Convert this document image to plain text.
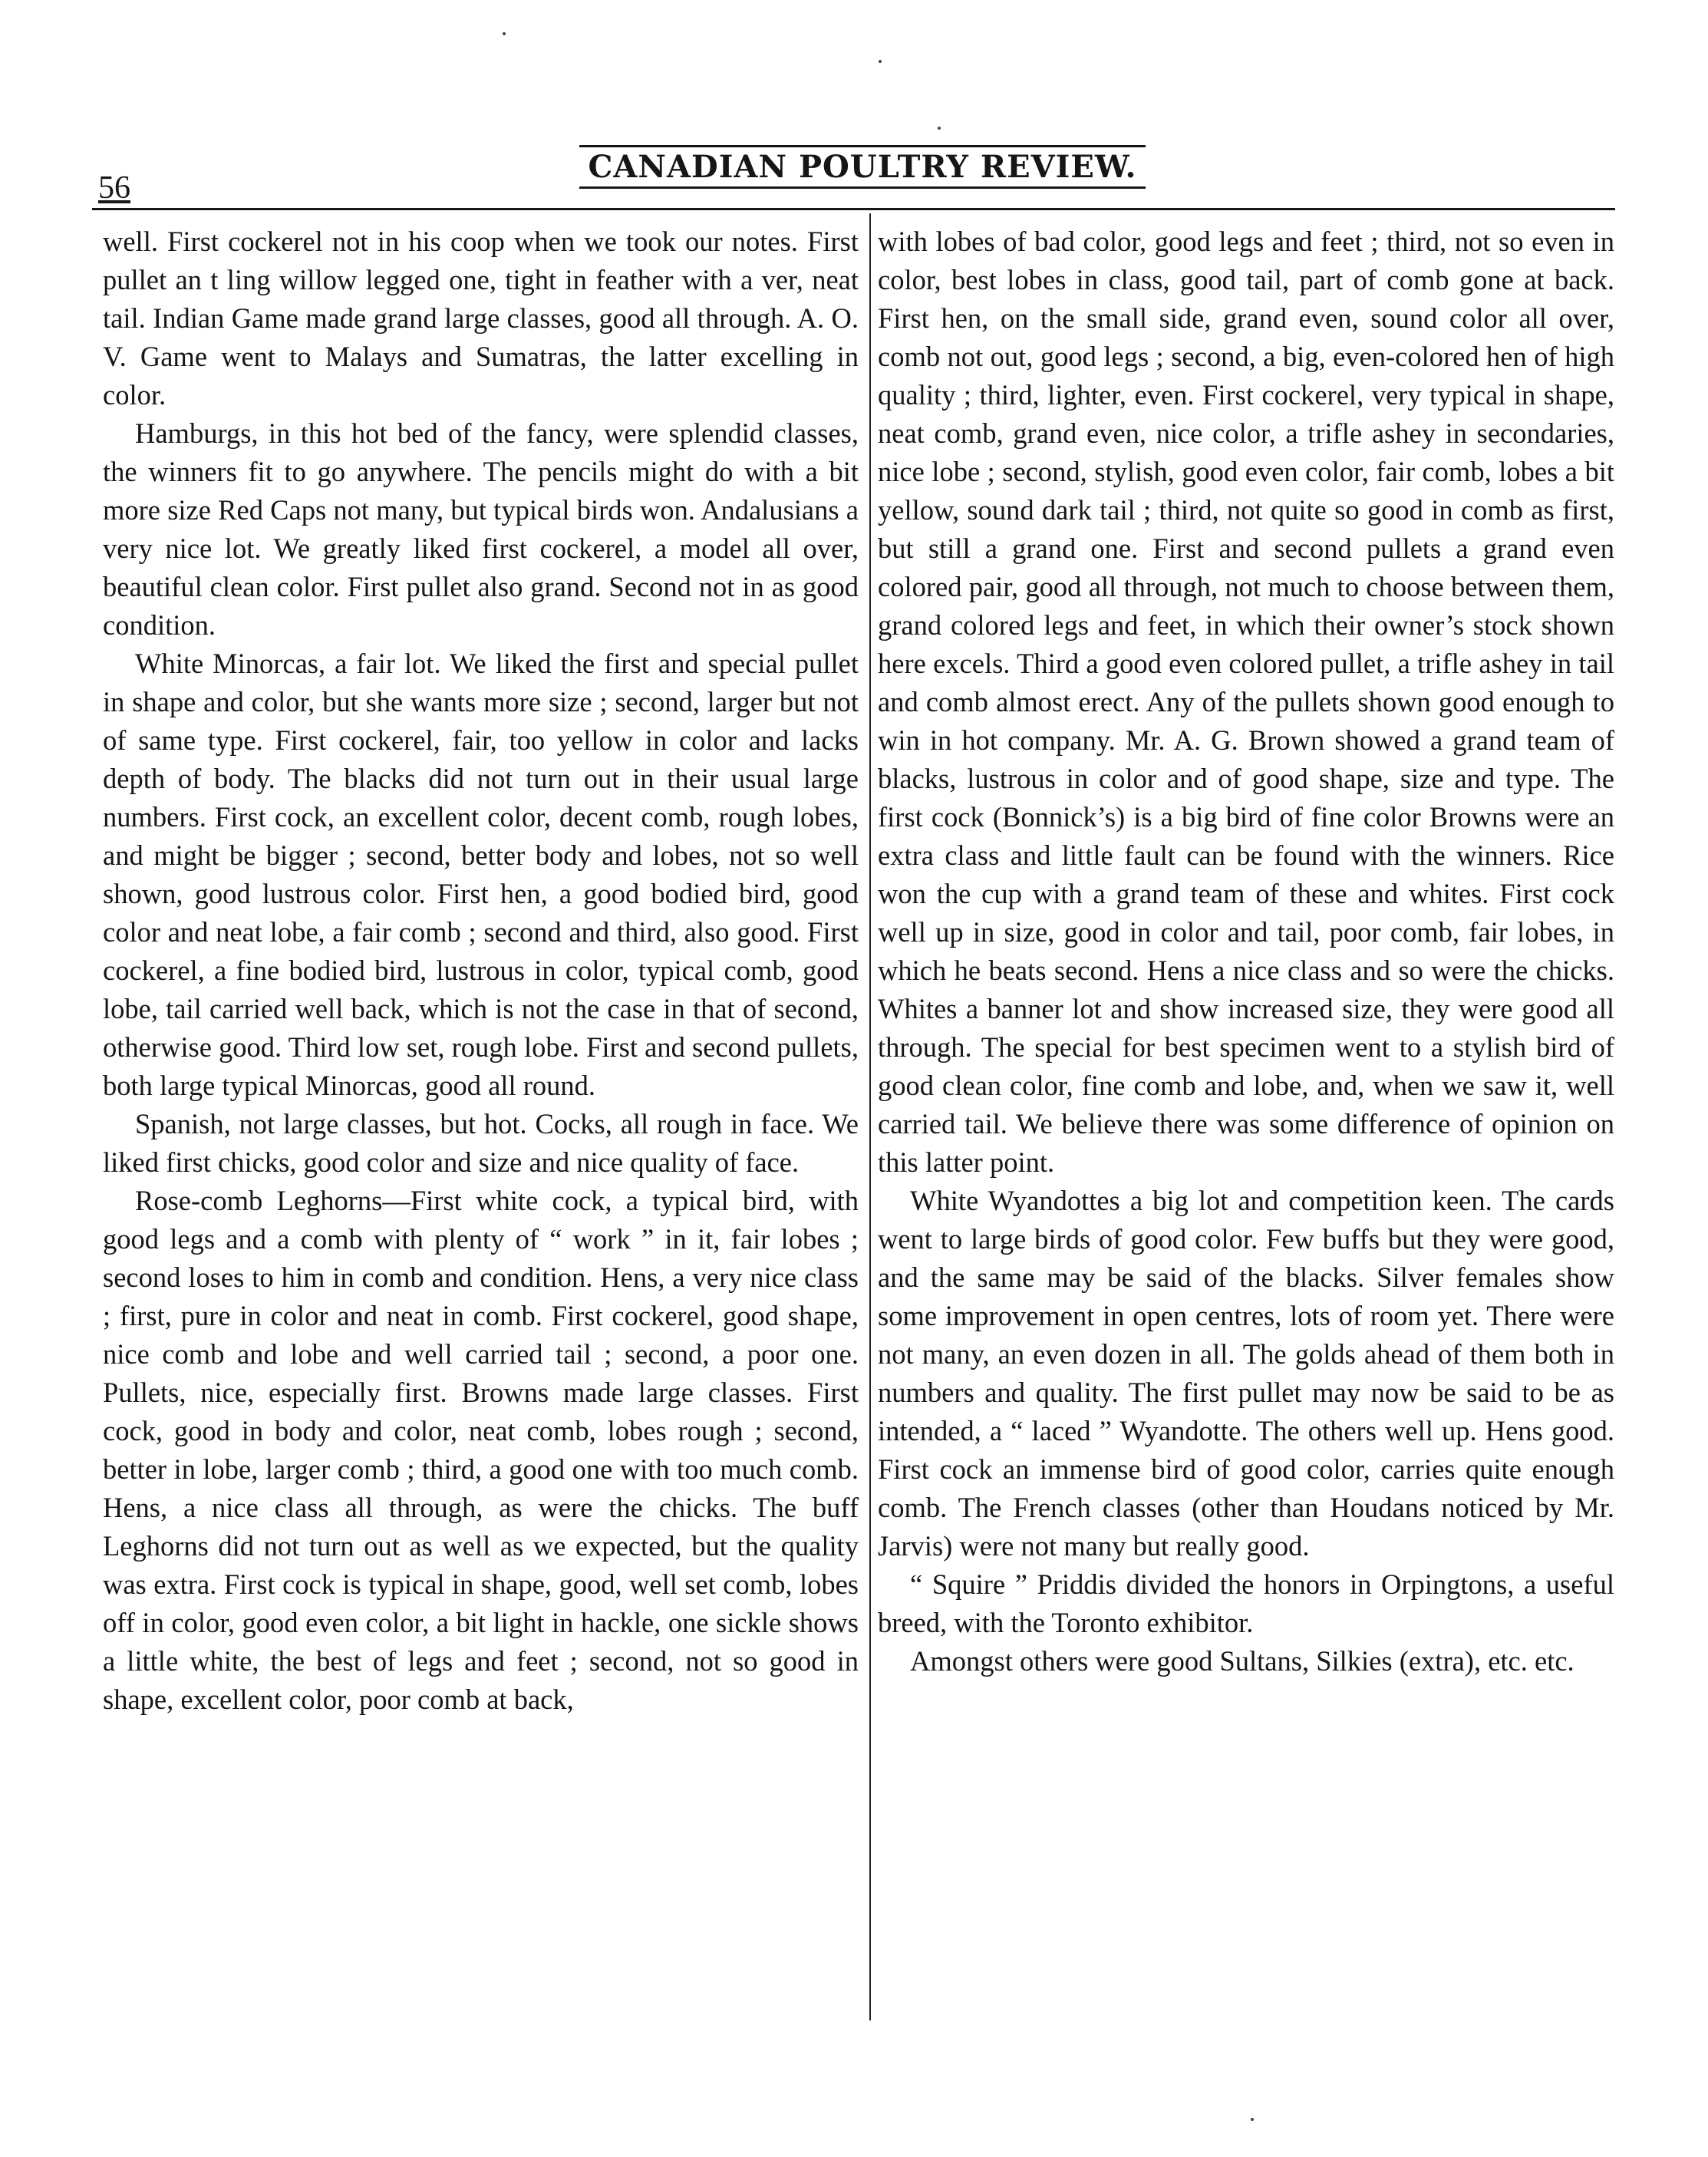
56
CANADIAN POULTRY REVIEW.

well. First cockerel not in his coop when we took our notes. First pullet an t ling willow legged one, tight in feather with a ver, neat tail. Indian Game made grand large classes, good all through. A. O. V. Game went to Malays and Sumatras, the latter excelling in color.

Hamburgs, in this hot bed of the fancy, were splendid classes, the winners fit to go anywhere. The pencils might do with a bit more size Red Caps not many, but typical birds won. Andalusians a very nice lot. We greatly liked first cockerel, a model all over, beautiful clean color. First pullet also grand. Second not in as good condition.

White Minorcas, a fair lot. We liked the first and special pullet in shape and color, but she wants more size ; second, larger but not of same type. First cockerel, fair, too yellow in color and lacks depth of body. The blacks did not turn out in their usual large numbers. First cock, an excellent color, decent comb, rough lobes, and might be bigger ; second, better body and lobes, not so well shown, good lustrous color. First hen, a good bodied bird, good color and neat lobe, a fair comb ; second and third, also good. First cockerel, a fine bodied bird, lustrous in color, typical comb, good lobe, tail carried well back, which is not the case in that of second, otherwise good. Third low set, rough lobe. First and second pullets, both large typical Minorcas, good all round.

Spanish, not large classes, but hot. Cocks, all rough in face. We liked first chicks, good color and size and nice quality of face.

Rose-comb Leghorns—First white cock, a typical bird, with good legs and a comb with plenty of “ work ” in it, fair lobes ; second loses to him in comb and condition. Hens, a very nice class ; first, pure in color and neat in comb. First cockerel, good shape, nice comb and lobe and well carried tail ; second, a poor one. Pullets, nice, especially first. Browns made large classes. First cock, good in body and color, neat comb, lobes rough ; second, better in lobe, larger comb ; third, a good one with too much comb. Hens, a nice class all through, as were the chicks. The buff Leghorns did not turn out as well as we expected, but the quality was extra. First cock is typical in shape, good, well set comb, lobes off in color, good even color, a bit light in hackle, one sickle shows a little white, the best of legs and feet ; second, not so good in shape, excellent color, poor comb at back,

with lobes of bad color, good legs and feet ; third, not so even in color, best lobes in class, good tail, part of comb gone at back. First hen, on the small side, grand even, sound color all over, comb not out, good legs ; second, a big, even-colored hen of high quality ; third, lighter, even. First cockerel, very typical in shape, neat comb, grand even, nice color, a trifle ashey in secondaries, nice lobe ; second, stylish, good even color, fair comb, lobes a bit yellow, sound dark tail ; third, not quite so good in comb as first, but still a grand one. First and second pullets a grand even colored pair, good all through, not much to choose between them, grand colored legs and feet, in which their owner’s stock shown here excels. Third a good even colored pullet, a trifle ashey in tail and comb almost erect. Any of the pullets shown good enough to win in hot company. Mr. A. G. Brown showed a grand team of blacks, lustrous in color and of good shape, size and type. The first cock (Bonnick’s) is a big bird of fine color Browns were an extra class and little fault can be found with the winners. Rice won the cup with a grand team of these and whites. First cock well up in size, good in color and tail, poor comb, fair lobes, in which he beats second. Hens a nice class and so were the chicks. Whites a banner lot and show increased size, they were good all through. The special for best specimen went to a stylish bird of good clean color, fine comb and lobe, and, when we saw it, well carried tail. We believe there was some difference of opinion on this latter point.

White Wyandottes a big lot and competition keen. The cards went to large birds of good color. Few buffs but they were good, and the same may be said of the blacks. Silver females show some improvement in open centres, lots of room yet. There were not many, an even dozen in all. The golds ahead of them both in numbers and quality. The first pullet may now be said to be as intended, a “ laced ” Wyandotte. The others well up. Hens good. First cock an immense bird of good color, carries quite enough comb. The French classes (other than Houdans noticed by Mr. Jarvis) were not many but really good.

“ Squire ” Priddis divided the honors in Orpingtons, a useful breed, with the Toronto exhibitor.

Amongst others were good Sultans, Silkies (extra), etc. etc.
